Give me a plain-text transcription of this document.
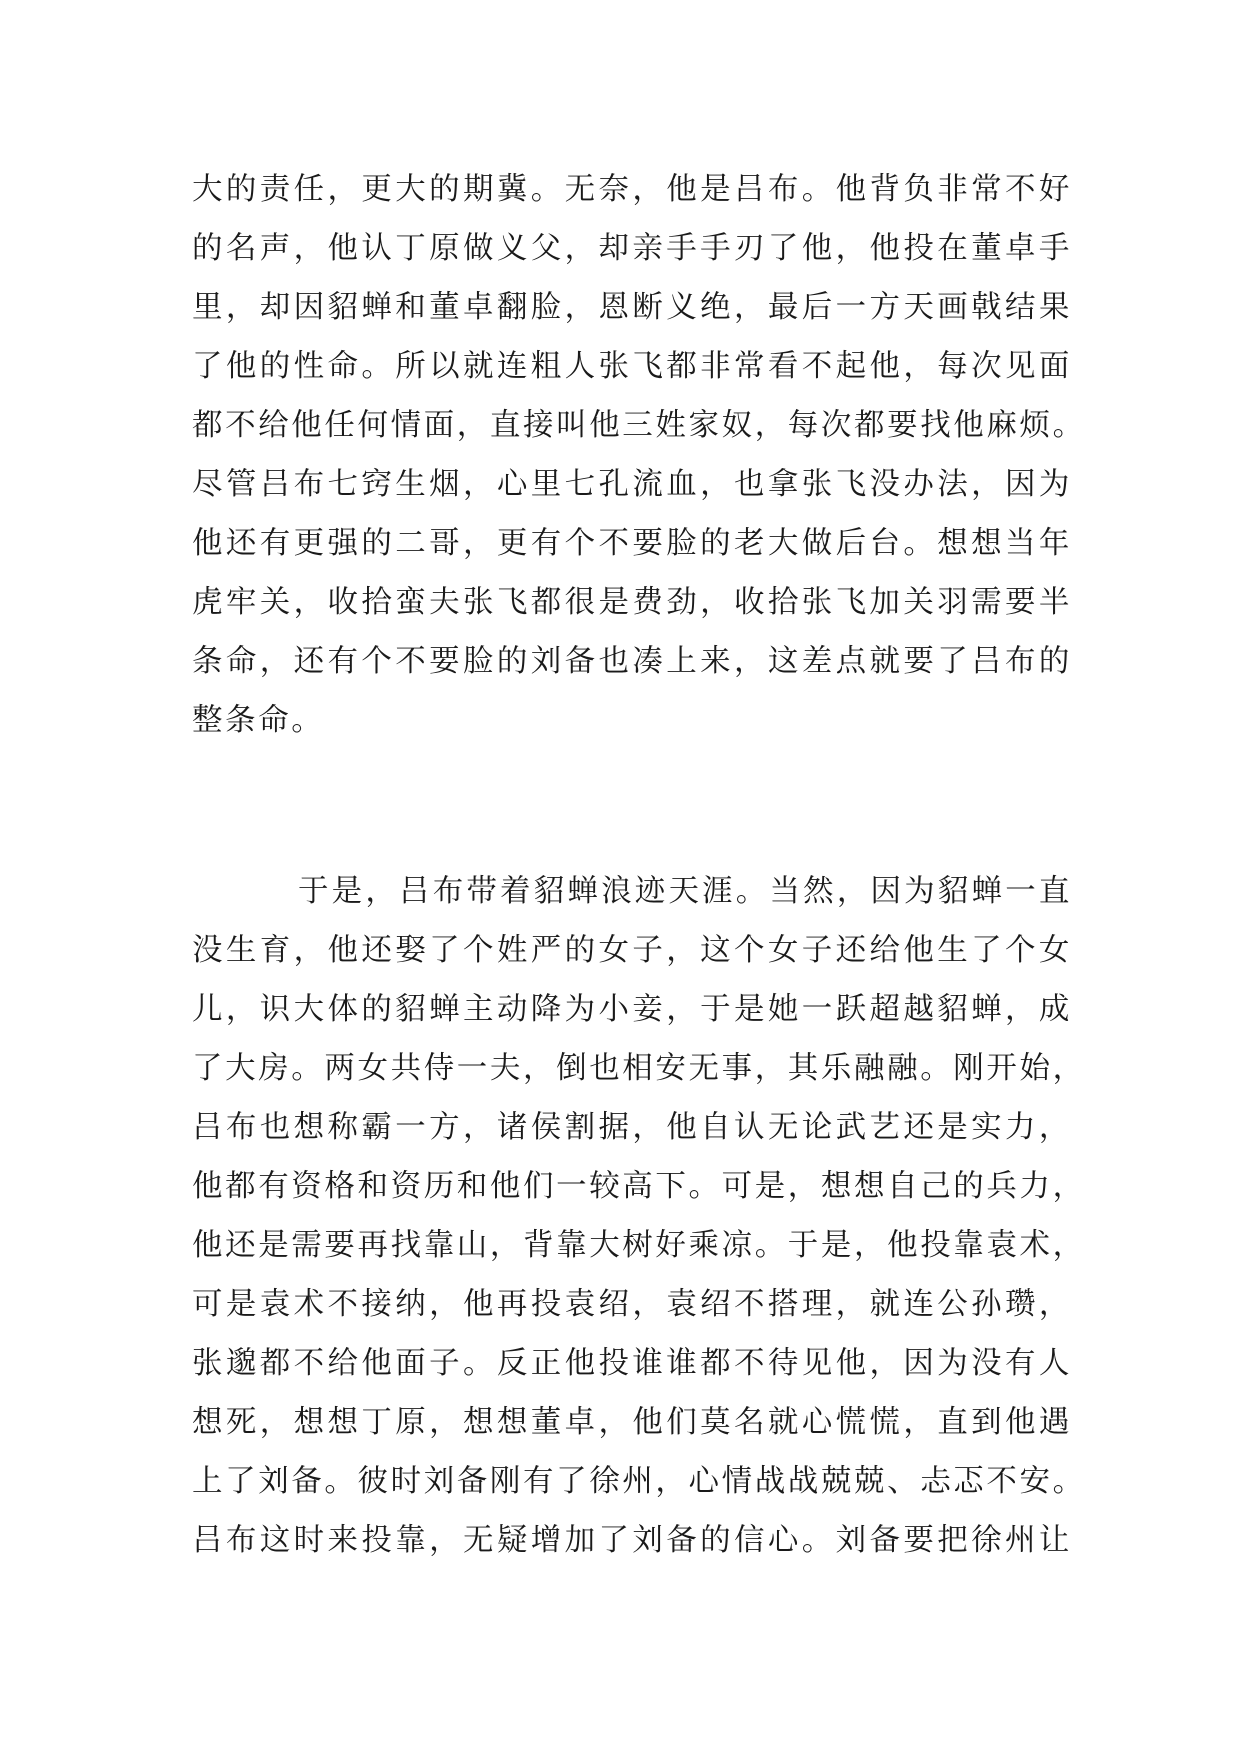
大的责任，更大的期冀。无奈，他是吕布。他背负非常不好
的名声，他认丁原做义父，却亲手手刃了他，他投在董卓手
里，却因貂蝉和董卓翻脸，恩断义绝，最后一方天画戟结果
了他的性命。所以就连粗人张飞都非常看不起他，每次见面
都不给他任何情面，直接叫他三姓家奴，每次都要找他麻烦。
尽管吕布七窍生烟，心里七孔流血，也拿张飞没办法，因为
他还有更强的二哥，更有个不要脸的老大做后台。想想当年
虎牢关，收拾蛮夫张飞都很是费劲，收拾张飞加关羽需要半
条命，还有个不要脸的刘备也凑上来，这差点就要了吕布的
整条命。
于是，吕布带着貂蝉浪迹天涯。当然，因为貂蝉一直
没生育，他还娶了个姓严的女子，这个女子还给他生了个女
儿，识大体的貂蝉主动降为小妾，于是她一跃超越貂蝉，成
了大房。两女共侍一夫，倒也相安无事，其乐融融。刚开始，
吕布也想称霸一方，诸侯割据，他自认无论武艺还是实力，
他都有资格和资历和他们一较高下。可是，想想自己的兵力，
他还是需要再找靠山，背靠大树好乘凉。于是，他投靠袁术，
可是袁术不接纳，他再投袁绍，袁绍不搭理，就连公孙瓒，
张邈都不给他面子。反正他投谁谁都不待见他，因为没有人
想死，想想丁原，想想董卓，他们莫名就心慌慌，直到他遇
上了刘备。彼时刘备刚有了徐州，心情战战兢兢、忐忑不安。
吕布这时来投靠，无疑增加了刘备的信心。刘备要把徐州让
